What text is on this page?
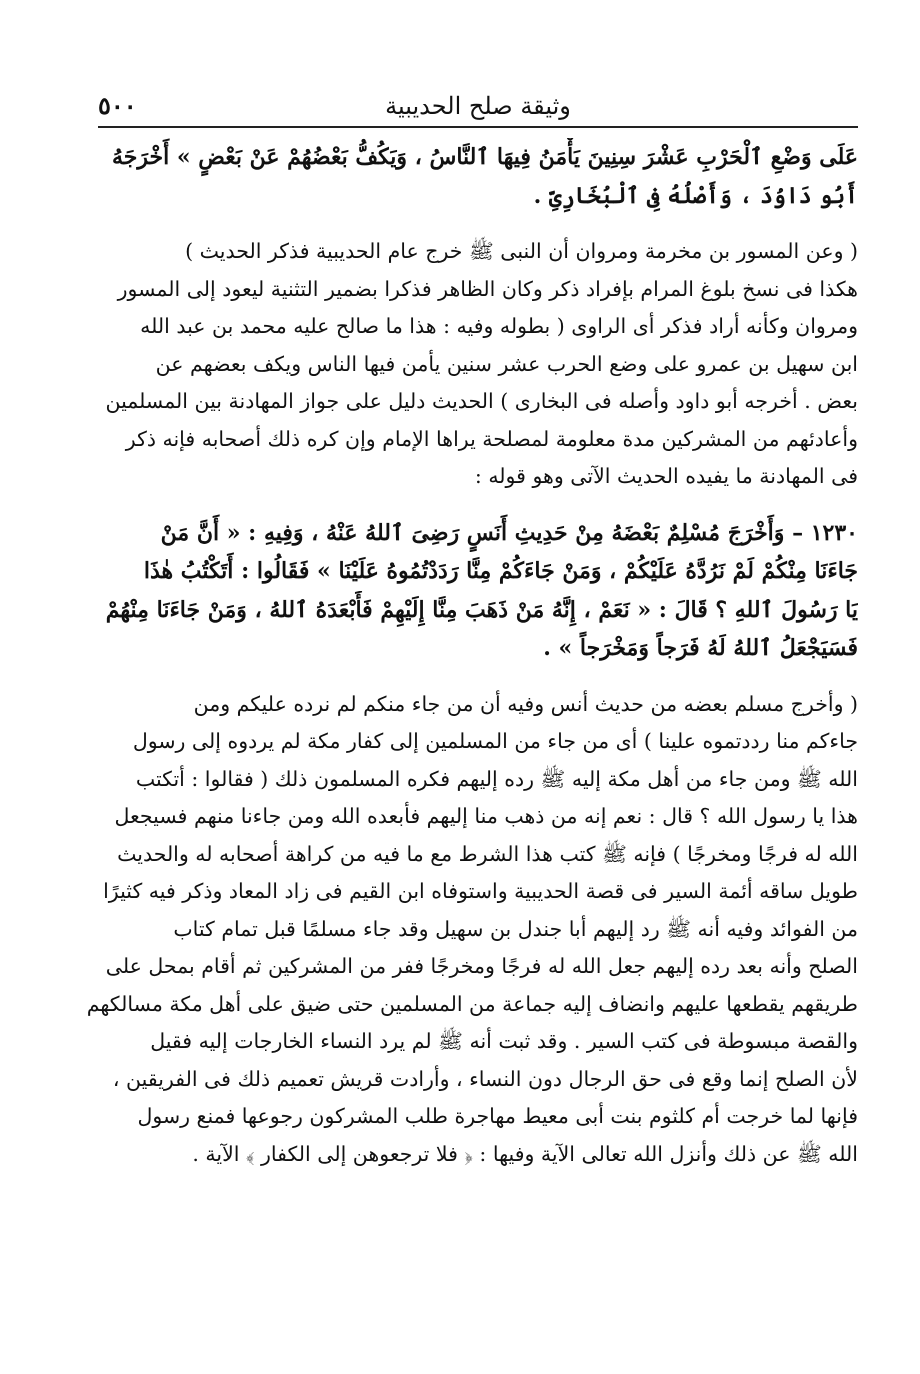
وثيقة صلح الحديبية
٥٠٠
عَلَى وَضْعِ ٱلْحَرْبِ عَشْرَ سِنِينَ يَأْمَنُ فِيهَا ٱلنَّاسُ ، وَيَكُفُّ بَعْضُهُمْ عَنْ بَعْضٍ » أَخْرَجَهُ
أَبُو دَاوُدَ ، وَأَصْلُهُ فِى ٱلْبُخَارِىِّ .
( وعن المسور بن مخرمة ومروان أن النبى ﷺ خرج عام الحديبية فذكر الحديث )
هكذا فى نسخ بلوغ المرام بإفراد ذكر وكان الظاهر فذكرا بضمير التثنية ليعود إلى المسور
ومروان وكأنه أراد فذكر أى الراوى ( بطوله وفيه : هذا ما صالح عليه محمد بن عبد الله
ابن سهيل بن عمرو على وضع الحرب عشر سنين يأمن فيها الناس ويكف بعضهم عن
بعض . أخرجه أبو داود وأصله فى البخارى ) الحديث دليل على جواز المهادنة بين المسلمين
وأعادئهم من المشركين مدة معلومة لمصلحة يراها الإمام وإن كره ذلك أصحابه فإنه ذكر
فى المهادنة ما يفيده الحديث الآتى وهو قوله :
١٢٣٠ – وَأَخْرَجَ مُسْلِمٌ بَعْضَهُ مِنْ حَدِيثِ أَنَسٍ رَضِىَ ٱللهُ عَنْهُ ، وَفِيهِ : « أَنَّ مَنْ
جَاءَنَا مِنْكُمْ لَمْ نَرُدَّهُ عَلَيْكُمْ ، وَمَنْ جَاءَكُمْ مِنَّا رَدَدْتُمُوهُ عَلَيْنَا » فَقَالُوا : أَتَكْتُبُ هٰذَا
يَا رَسُولَ ٱللهِ ؟ قَالَ : « نَعَمْ ، إِنَّهُ مَنْ ذَهَبَ مِنَّا إِلَيْهِمْ فَأَبْعَدَهُ ٱللهُ ، وَمَنْ جَاءَنَا مِنْهُمْ
فَسَيَجْعَلُ ٱللهُ لَهُ فَرَجاً وَمَخْرَجاً » .
( وأخرج مسلم بعضه من حديث أنس وفيه أن من جاء منكم لم نرده عليكم ومن
جاءكم منا رددتموه علينا ) أى من جاء من المسلمين إلى كفار مكة لم يردوه إلى رسول
الله ﷺ ومن جاء من أهل مكة إليه ﷺ رده إليهم فكره المسلمون ذلك ( فقالوا : أتكتب
هذا يا رسول الله ؟ قال : نعم إنه من ذهب منا إليهم فأبعده الله ومن جاءنا منهم فسيجعل
الله له فرجًا ومخرجًا ) فإنه ﷺ كتب هذا الشرط مع ما فيه من كراهة أصحابه له والحديث
طويل ساقه أئمة السير فى قصة الحديبية واستوفاه ابن القيم فى زاد المعاد وذكر فيه كثيرًا
من الفوائد وفيه أنه ﷺ رد إليهم أبا جندل بن سهيل وقد جاء مسلمًا قبل تمام كتاب
الصلح وأنه بعد رده إليهم جعل الله له فرجًا ومخرجًا ففر من المشركين ثم أقام بمحل على
طريقهم يقطعها عليهم وانضاف إليه جماعة من المسلمين حتى ضيق على أهل مكة مسالكهم
والقصة مبسوطة فى كتب السير . وقد ثبت أنه ﷺ لم يرد النساء الخارجات إليه فقيل
لأن الصلح إنما وقع فى حق الرجال دون النساء ، وأرادت قريش تعميم ذلك فى الفريقين ،
فإنها لما خرجت أم كلثوم بنت أبى معيط مهاجرة طلب المشركون رجوعها فمنع رسول
الله ﷺ عن ذلك وأنزل الله تعالى الآية وفيها : ﴿ فلا ترجعوهن إلى الكفار ﴾ الآية .
